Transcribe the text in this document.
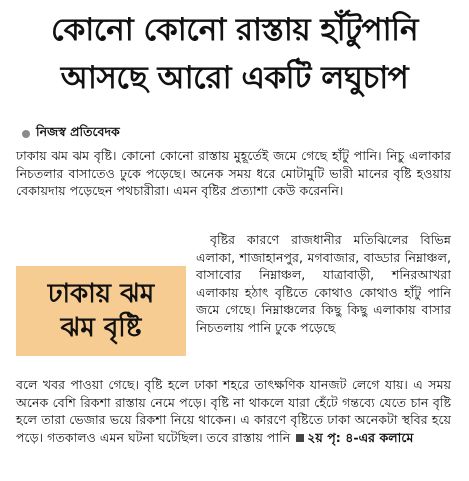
কোনো কোনো রাস্তায় হাঁটুপানি আসছে আরো একটি লঘুচাপ
নিজস্ব প্রতিবেদক

ঢাকায় ঝম ঝম বৃষ্টি। কোনো কোনো রাস্তায় মুহূর্তেই জমে গেছে হাঁটু পানি। নিচু এলাকার নিচতলার বাসাতেও ঢুকে পড়েছে। অনেক সময় ধরে মোটামুটি ভারী মানের বৃষ্টি হওয়ায় বেকায়দায় পড়েছেন পথচারীরা। এমন বৃষ্টির প্রত্যাশা কেউ করেননি।

ঢাকায় ঝম
ঝম বৃষ্টি

বৃষ্টির কারণে রাজধানীর মতিঝিলের বিভিন্ন এলাকা, শাজাহানপুর, মগবাজার, বাড্ডার নিম্নাঞ্চল, বাসাবোর নিম্নাঞ্চল, যাত্রাবাড়ী, শনিরআখরা এলাকায় হঠাৎ বৃষ্টিতে কোথাও কোথাও হাঁটু পানি জমে গেছে। নিম্নাঞ্চলের কিছু কিছু এলাকায় বাসার নিচতলায় পানি ঢুকে পড়েছে

বলে খবর পাওয়া গেছে। বৃষ্টি হলে ঢাকা শহরে তাৎক্ষণিক যানজট লেগে যায়। এ সময় অনেক বেশি রিকশা রাস্তায় নেমে পড়ে। বৃষ্টি না থাকলে যারা হেঁটে গন্তব্যে যেতে চান বৃষ্টি হলে তারা ভেজার ভয়ে রিকশা নিয়ে থাকেন। এ কারণে বৃষ্টিতে ঢাকা অনেকটা স্থবির হয়ে পড়ে। গতকালও এমন ঘটনা ঘটেছিল। তবে রাস্তায় পানি ২য় পৃ: ৪-এর কলামে
